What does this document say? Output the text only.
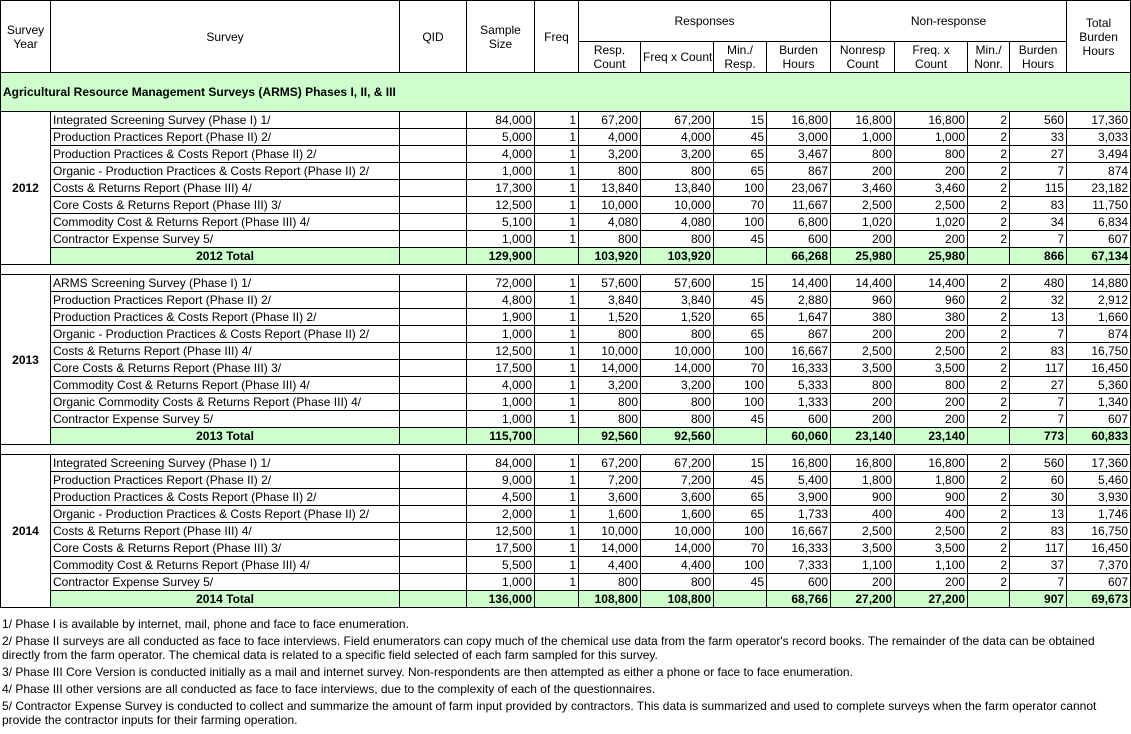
Survey Year	Survey	QID	Sample Size	Freq	Responses				Non-response				Total Burden Hours
					Resp. Count	Freq x Count	Min./ Resp.	Burden Hours	Nonresp Count	Freq. x Count	Min./ Nonr.	Burden Hours	
Agricultural Resource Management Surveys (ARMS) Phases I, II, & III													
2012	Integrated Screening Survey (Phase I) 1/		84,000	1	67,200	67,200	15	16,800	16,800	16,800	2	560	17,360
	Production Practices Report (Phase II) 2/		5,000	1	4,000	4,000	45	3,000	1,000	1,000	2	33	3,033
	Production Practices & Costs Report (Phase II) 2/		4,000	1	3,200	3,200	65	3,467	800	800	2	27	3,494
	Organic - Production Practices & Costs Report (Phase II) 2/		1,000	1	800	800	65	867	200	200	2	7	874
	Costs & Returns Report (Phase III) 4/		17,300	1	13,840	13,840	100	23,067	3,460	3,460	2	115	23,182
	Core Costs & Returns Report (Phase III) 3/		12,500	1	10,000	10,000	70	11,667	2,500	2,500	2	83	11,750
	Commodity Cost & Returns Report (Phase III) 4/		5,100	1	4,080	4,080	100	6,800	1,020	1,020	2	34	6,834
	Contractor Expense Survey 5/		1,000	1	800	800	45	600	200	200	2	7	607
	2012 Total		129,900		103,920	103,920		66,268	25,980	25,980		866	67,134

2013	ARMS Screening Survey (Phase I) 1/		72,000	1	57,600	57,600	15	14,400	14,400	14,400	2	480	14,880
	Production Practices Report (Phase II) 2/		4,800	1	3,840	3,840	45	2,880	960	960	2	32	2,912
	Production Practices & Costs Report (Phase II) 2/		1,900	1	1,520	1,520	65	1,647	380	380	2	13	1,660
	Organic - Production Practices & Costs Report (Phase II) 2/		1,000	1	800	800	65	867	200	200	2	7	874
	Costs & Returns Report (Phase III) 4/		12,500	1	10,000	10,000	100	16,667	2,500	2,500	2	83	16,750
	Core Costs & Returns Report (Phase III) 3/		17,500	1	14,000	14,000	70	16,333	3,500	3,500	2	117	16,450
	Commodity Cost & Returns Report (Phase III) 4/		4,000	1	3,200	3,200	100	5,333	800	800	2	27	5,360
	Organic Commodity Costs & Returns Report (Phase III) 4/		1,000	1	800	800	100	1,333	200	200	2	7	1,340
	Contractor Expense Survey 5/		1,000	1	800	800	45	600	200	200	2	7	607
	2013 Total		115,700		92,560	92,560		60,060	23,140	23,140		773	60,833

2014	Integrated Screening Survey (Phase I) 1/		84,000	1	67,200	67,200	15	16,800	16,800	16,800	2	560	17,360
	Production Practices Report (Phase II) 2/		9,000	1	7,200	7,200	45	5,400	1,800	1,800	2	60	5,460
	Production Practices & Costs Report (Phase II) 2/		4,500	1	3,600	3,600	65	3,900	900	900	2	30	3,930
	Organic - Production Practices & Costs Report (Phase II) 2/		2,000	1	1,600	1,600	65	1,733	400	400	2	13	1,746
	Costs & Returns Report (Phase III) 4/		12,500	1	10,000	10,000	100	16,667	2,500	2,500	2	83	16,750
	Core Costs & Returns Report (Phase III) 3/		17,500	1	14,000	14,000	70	16,333	3,500	3,500	2	117	16,450
	Commodity Cost & Returns Report (Phase III) 4/		5,500	1	4,400	4,400	100	7,333	1,100	1,100	2	37	7,370
	Contractor Expense Survey 5/		1,000	1	800	800	45	600	200	200	2	7	607
	2014 Total		136,000		108,800	108,800		68,766	27,200	27,200		907	69,673

1/ Phase I is available by internet, mail, phone and face to face enumeration.

2/ Phase II surveys are all conducted as face to face interviews. Field enumerators can copy much of the chemical use data from the farm operator's record books. The remainder of the data can be obtained directly from the farm operator. The chemical data is related to a specific field selected of each farm sampled for this survey.

3/ Phase III Core Version is conducted initially as a mail and internet survey. Non-respondents are then attempted as either a phone or face to face enumeration.

4/ Phase III other versions are all conducted as face to face interviews, due to the complexity of each of the questionnaires.

5/ Contractor Expense Survey is conducted to collect and summarize the amount of farm input provided by contractors. This data is summarized and used to complete surveys when the farm operator cannot provide the contractor inputs for their farming operation.
